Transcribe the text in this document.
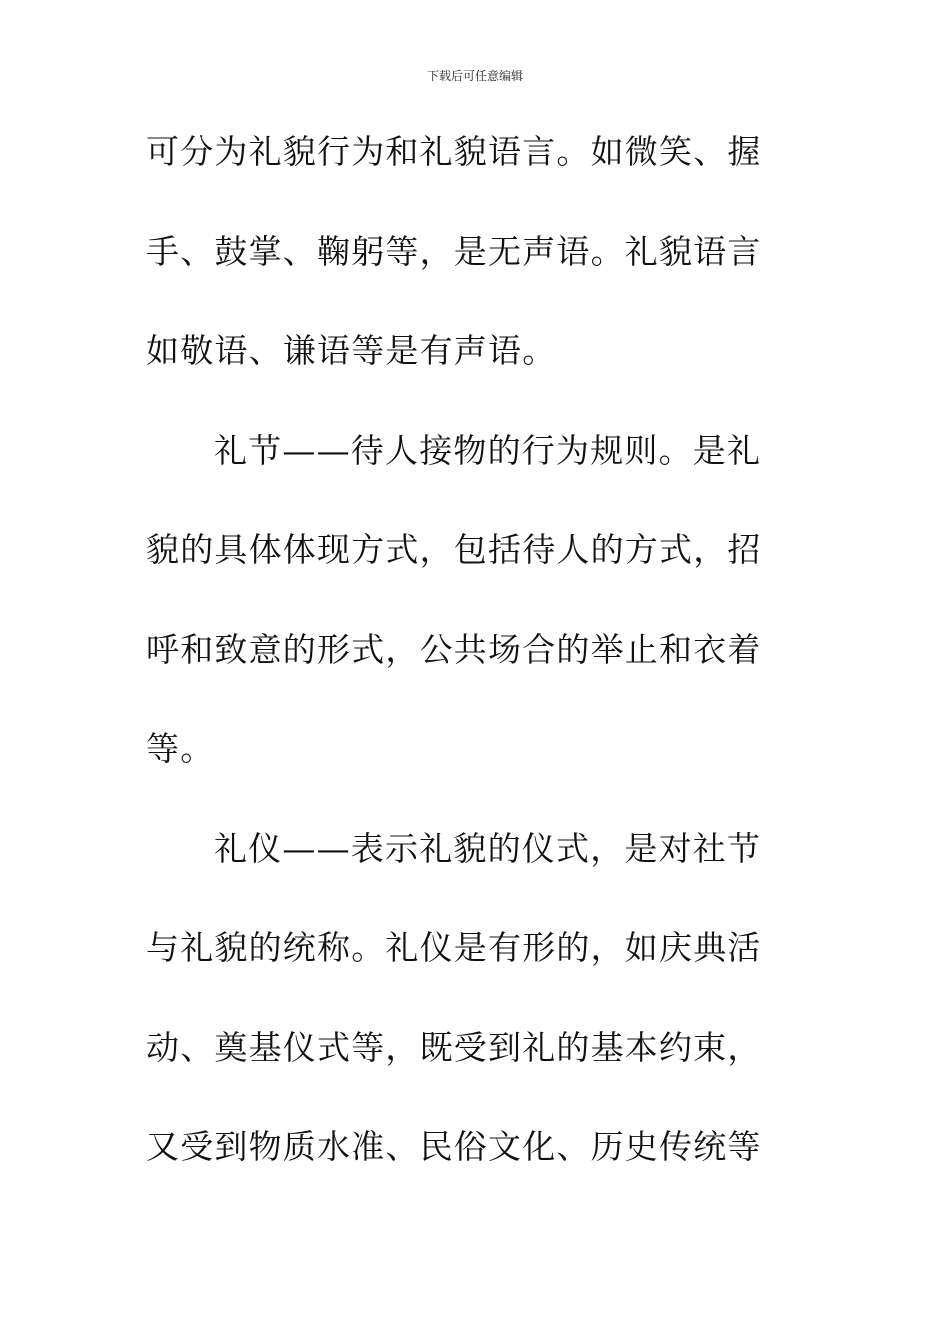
下载后可任意编辑
可分为礼貌行为和礼貌语言。如微笑、握
手、鼓掌、鞠躬等，是无声语。礼貌语言
如敬语、谦语等是有声语。
礼节——待人接物的行为规则。是礼
貌的具体体现方式，包括待人的方式，招
呼和致意的形式，公共场合的举止和衣着
等。
礼仪——表示礼貌的仪式，是对社节
与礼貌的统称。礼仪是有形的，如庆典活
动、奠基仪式等，既受到礼的基本约束，
又受到物质水准、民俗文化、历史传统等
